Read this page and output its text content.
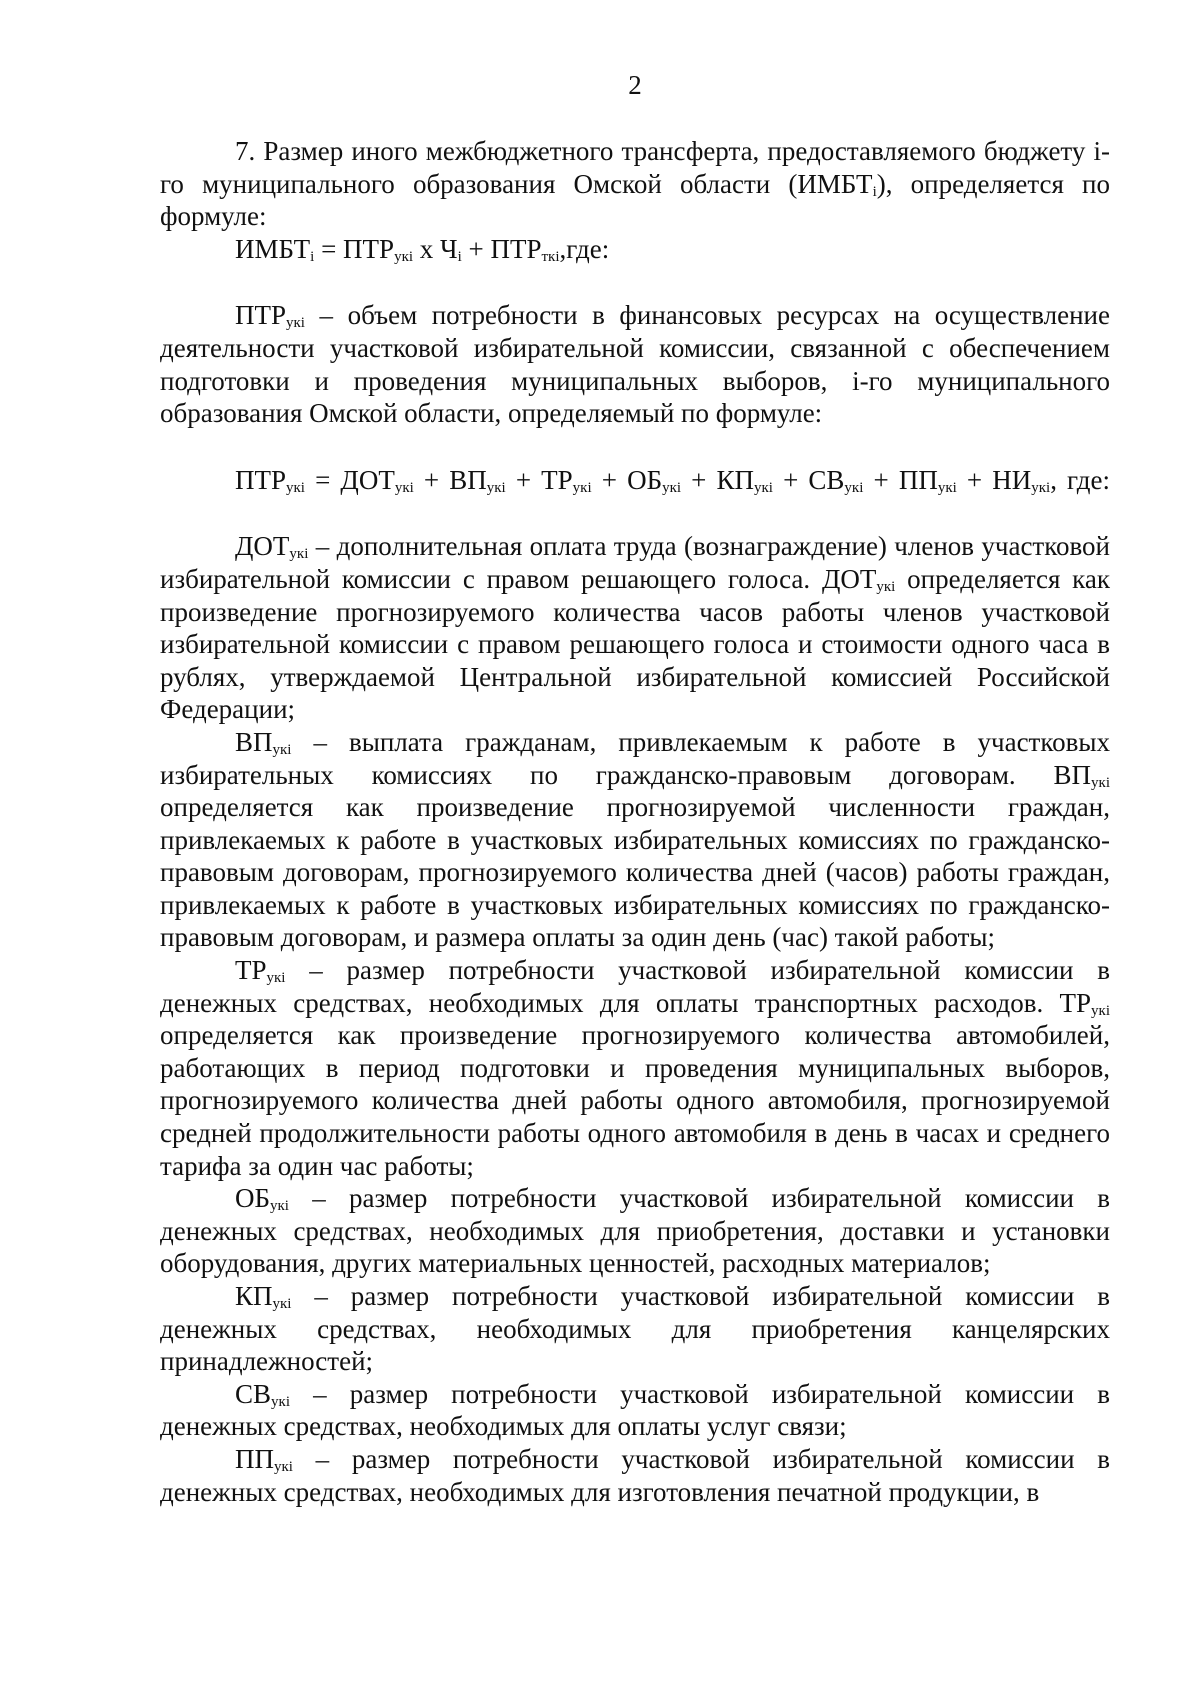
2

7. Размер иного межбюджетного трансферта, предоставляемого бюджету i-го муниципального образования Омской области $(ИМБТ_i)$, определяется по формуле:

$ИМБТ_i = ПТР_{укi}$ х $Ч_i + ПТР_{ткi},где$:

$ПТР_{укi}$ – объем потребности в финансовых ресурсах на осуществление деятельности участковой избирательной комиссии, связанной с обеспечением подготовки и проведения муниципальных выборов, i-го муниципального образования Омской области, определяемый по формуле:

$ПТР_{укi} = ДОТ_{укi} + ВП_{укi} + ТР_{укi} + ОБ_{укi} + КП_{укi} + СВ_{укi} + ПП_{укi} + НИ_{укi}$, где:

$ДОТ_{укi}$ – дополнительная оплата труда (вознаграждение) членов участковой избирательной комиссии с правом решающего голоса. $ДОТ_{укi}$ определяется как произведение прогнозируемого количества часов работы членов участковой избирательной комиссии с правом решающего голоса и стоимости одного часа в рублях, утверждаемой Центральной избирательной комиссией Российской Федерации;

$ВП_{укi}$ – выплата гражданам, привлекаемым к работе в участковых избирательных комиссиях по гражданско-правовым договорам. $ВП_{укi}$ определяется как произведение прогнозируемой численности граждан, привлекаемых к работе в участковых избирательных комиссиях по гражданско-правовым договорам, прогнозируемого количества дней (часов) работы граждан, привлекаемых к работе в участковых избирательных комиссиях по гражданско-правовым договорам, и размера оплаты за один день (час) такой работы;

$ТР_{укi}$ – размер потребности участковой избирательной комиссии в денежных средствах, необходимых для оплаты транспортных расходов. $ТР_{укi}$ определяется как произведение прогнозируемого количества автомобилей, работающих в период подготовки и проведения муниципальных выборов, прогнозируемого количества дней работы одного автомобиля, прогнозируемой средней продолжительности работы одного автомобиля в день в часах и среднего тарифа за один час работы;

$ОБ_{укi}$ – размер потребности участковой избирательной комиссии в денежных средствах, необходимых для приобретения, доставки и установки оборудования, других материальных ценностей, расходных материалов;

$КП_{укi}$ – размер потребности участковой избирательной комиссии в денежных средствах, необходимых для приобретения канцелярских принадлежностей;

$СВ_{укi}$ – размер потребности участковой избирательной комиссии в денежных средствах, необходимых для оплаты услуг связи;

$ПП_{укi}$ – размер потребности участковой избирательной комиссии в денежных средствах, необходимых для изготовления печатной продукции, в
